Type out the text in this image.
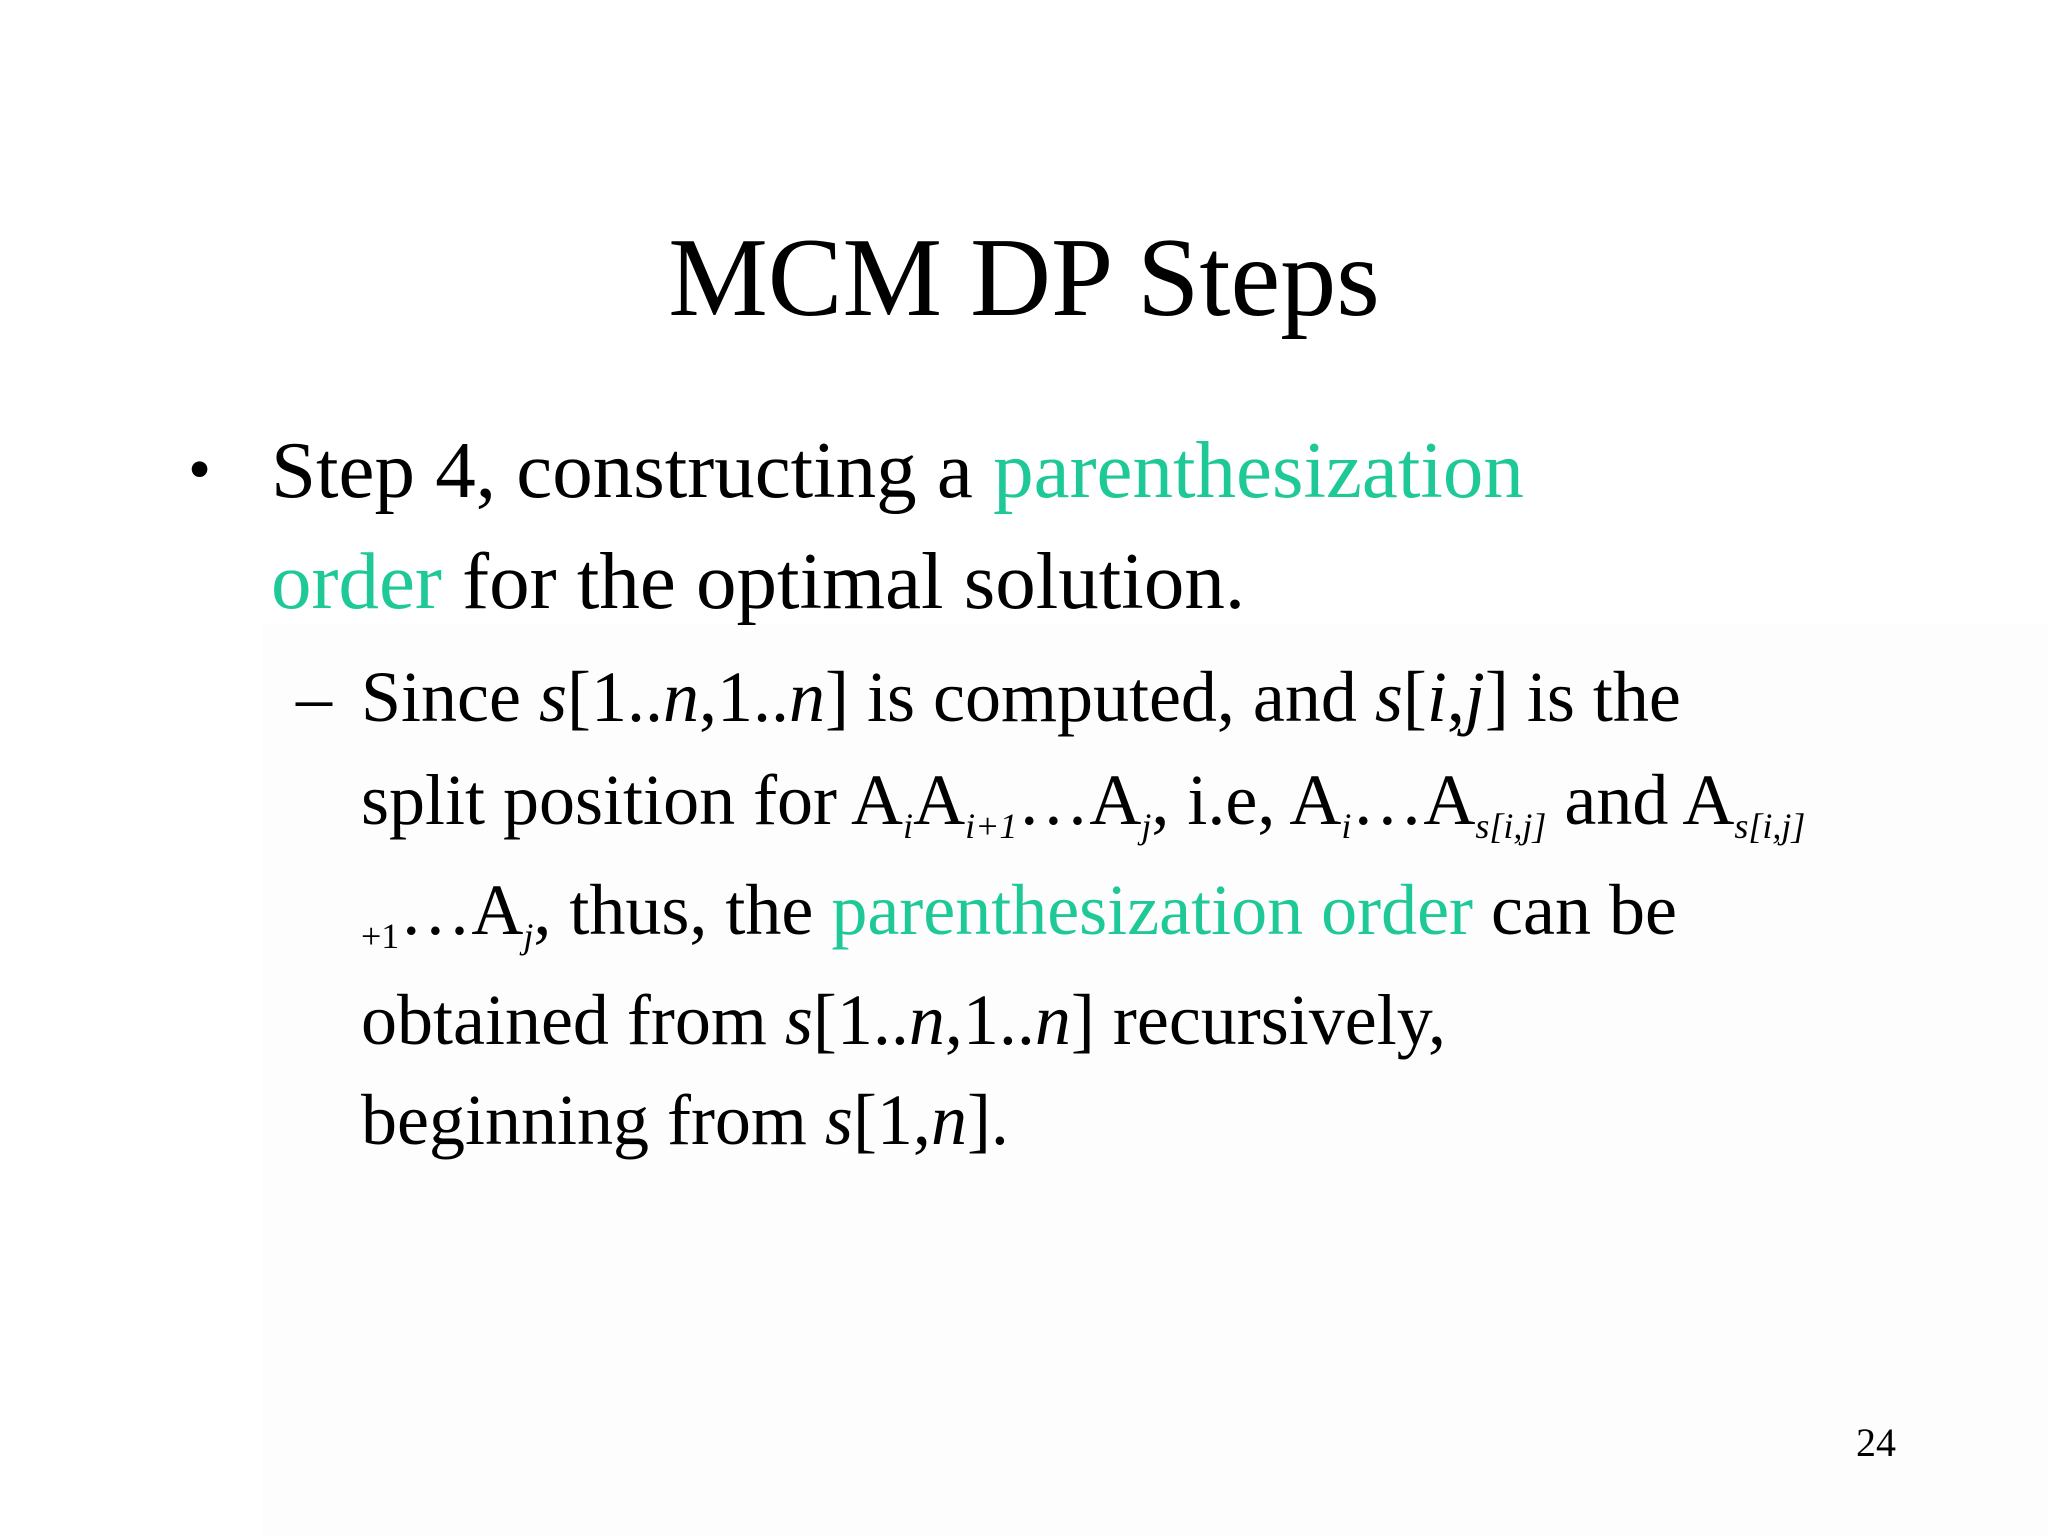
MCM DP Steps
• Step 4, constructing a parenthesization
order for the optimal solution.
– Since s[1..n,1..n] is computed, and s[i,j] is the
split position for $A_iA_{i+1}\dots A_j$, i.e, $A_i\dots A_{s[i,j]}$ and $A_{s[i,j]}$
$_{+1}\dots A_j$, thus, the parenthesization order can be
obtained from s[1..n,1..n] recursively,
beginning from s[1,n].
24
